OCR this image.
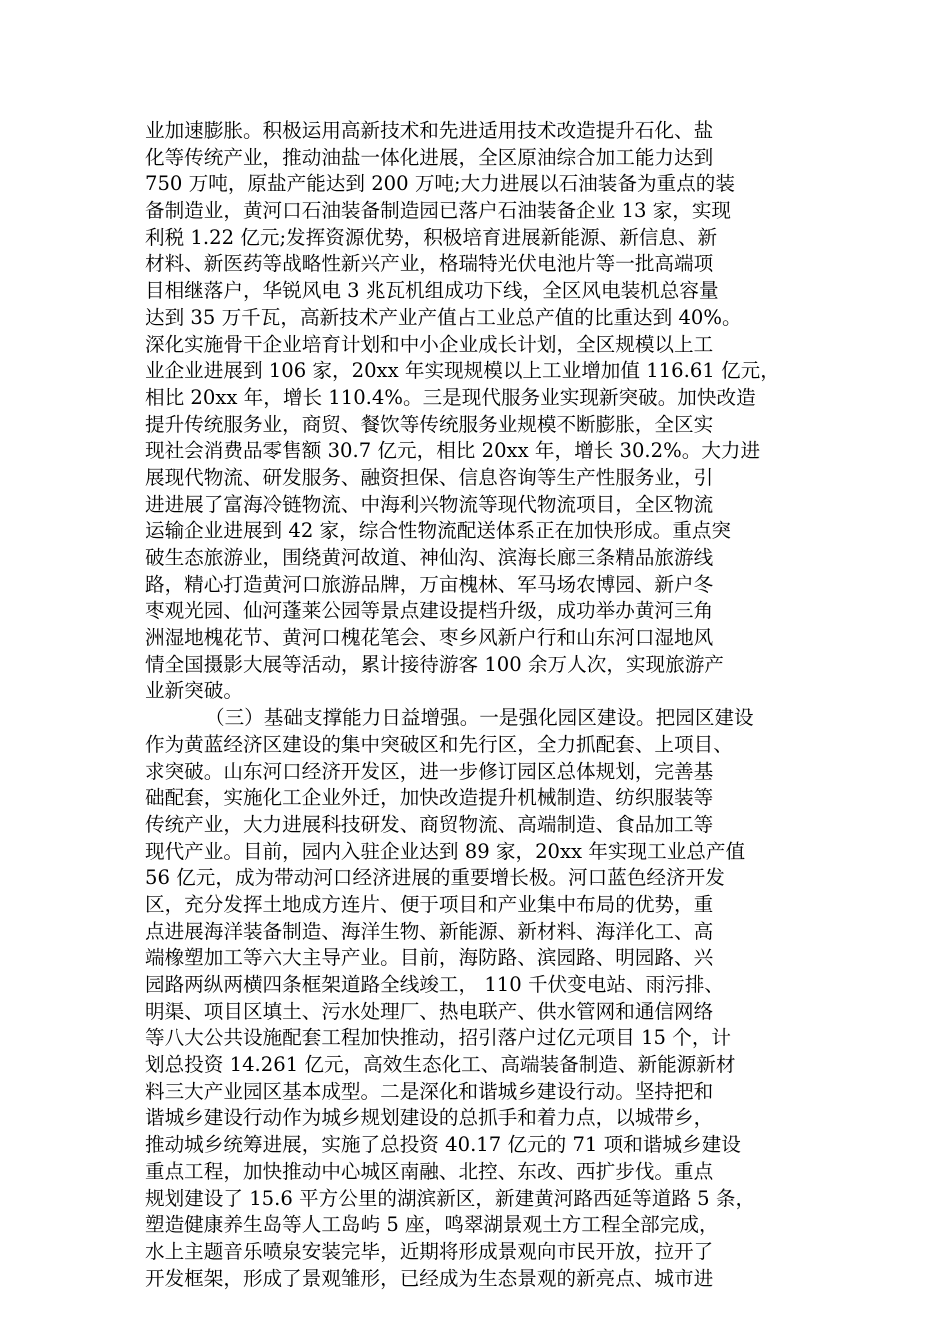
业加速膨胀。积极运用高新技术和先进适用技术改造提升石化、盐
化等传统产业，推动油盐一体化进展，全区原油综合加工能力达到
750 万吨，原盐产能达到 200 万吨;大力进展以石油装备为重点的装
备制造业，黄河口石油装备制造园已落户石油装备企业 13 家，实现
利税 1.22 亿元;发挥资源优势，积极培育进展新能源、新信息、新
材料、新医药等战略性新兴产业，格瑞特光伏电池片等一批高端项
目相继落户，华锐风电 3 兆瓦机组成功下线，全区风电装机总容量
达到 35 万千瓦，高新技术产业产值占工业总产值的比重达到 40%。
深化实施骨干企业培育计划和中小企业成长计划，全区规模以上工
业企业进展到 106 家，20xx 年实现规模以上工业增加值 116.61 亿元，
相比 20xx 年，增长 110.4%。三是现代服务业实现新突破。加快改造
提升传统服务业，商贸、餐饮等传统服务业规模不断膨胀，全区实
现社会消费品零售额 30.7 亿元，相比 20xx 年，增长 30.2%。大力进
展现代物流、研发服务、融资担保、信息咨询等生产性服务业，引
进进展了富海冷链物流、中海利兴物流等现代物流项目，全区物流
运输企业进展到 42 家，综合性物流配送体系正在加快形成。重点突
破生态旅游业，围绕黄河故道、神仙沟、滨海长廊三条精品旅游线
路，精心打造黄河口旅游品牌，万亩槐林、军马场农博园、新户冬
枣观光园、仙河蓬莱公园等景点建设提档升级，成功举办黄河三角
洲湿地槐花节、黄河口槐花笔会、枣乡风新户行和山东河口湿地风
情全国摄影大展等活动，累计接待游客 100 余万人次，实现旅游产
业新突破。
（三）基础支撑能力日益增强。一是强化园区建设。把园区建设
作为黄蓝经济区建设的集中突破区和先行区，全力抓配套、上项目、
求突破。山东河口经济开发区，进一步修订园区总体规划，完善基
础配套，实施化工企业外迁，加快改造提升机械制造、纺织服装等
传统产业，大力进展科技研发、商贸物流、高端制造、食品加工等
现代产业。目前，园内入驻企业达到 89 家，20xx 年实现工业总产值
56 亿元，成为带动河口经济进展的重要增长极。河口蓝色经济开发
区，充分发挥土地成方连片、便于项目和产业集中布局的优势，重
点进展海洋装备制造、海洋生物、新能源、新材料、海洋化工、高
端橡塑加工等六大主导产业。目前，海防路、滨园路、明园路、兴
园路两纵两横四条框架道路全线竣工， 110 千伏变电站、雨污排、
明渠、项目区填土、污水处理厂、热电联产、供水管网和通信网络
等八大公共设施配套工程加快推动，招引落户过亿元项目 15 个，计
划总投资 14.261 亿元，高效生态化工、高端装备制造、新能源新材
料三大产业园区基本成型。二是深化和谐城乡建设行动。坚持把和
谐城乡建设行动作为城乡规划建设的总抓手和着力点，以城带乡，
推动城乡统筹进展，实施了总投资 40.17 亿元的 71 项和谐城乡建设
重点工程，加快推动中心城区南融、北控、东改、西扩步伐。重点
规划建设了 15.6 平方公里的湖滨新区，新建黄河路西延等道路 5 条，
塑造健康养生岛等人工岛屿 5 座，鸣翠湖景观土方工程全部完成，
水上主题音乐喷泉安装完毕，近期将形成景观向市民开放，拉开了
开发框架，形成了景观雏形，已经成为生态景观的新亮点、城市进
